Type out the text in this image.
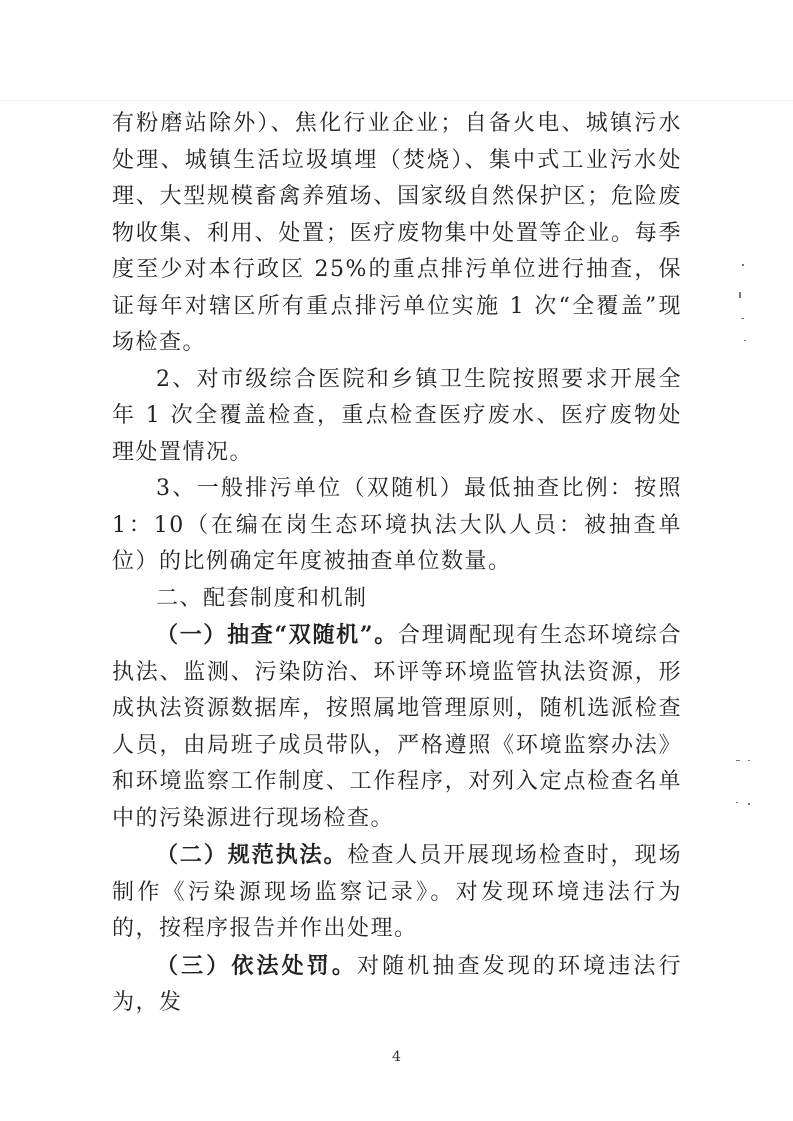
有粉磨站除外）、焦化行业企业；自备火电、城镇污水处理、城镇生活垃圾填埋（焚烧）、集中式工业污水处理、大型规模畜禽养殖场、国家级自然保护区；危险废物收集、利用、处置；医疗废物集中处置等企业。每季度至少对本行政区 25%的重点排污单位进行抽查，保证每年对辖区所有重点排污单位实施 1 次“全覆盖”现场检查。

2、对市级综合医院和乡镇卫生院按照要求开展全年 1 次全覆盖检查，重点检查医疗废水、医疗废物处理处置情况。

3、一般排污单位（双随机）最低抽查比例：按照 1：10（在编在岗生态环境执法大队人员：被抽查单位）的比例确定年度被抽查单位数量。

二、配套制度和机制

（一）抽查“双随机”。合理调配现有生态环境综合执法、监测、污染防治、环评等环境监管执法资源，形成执法资源数据库，按照属地管理原则，随机选派检查人员，由局班子成员带队，严格遵照《环境监察办法》和环境监察工作制度、工作程序，对列入定点检查名单中的污染源进行现场检查。

（二）规范执法。检查人员开展现场检查时，现场制作《污染源现场监察记录》。对发现环境违法行为的，按程序报告并作出处理。

（三）依法处罚。对随机抽查发现的环境违法行为，发

4
